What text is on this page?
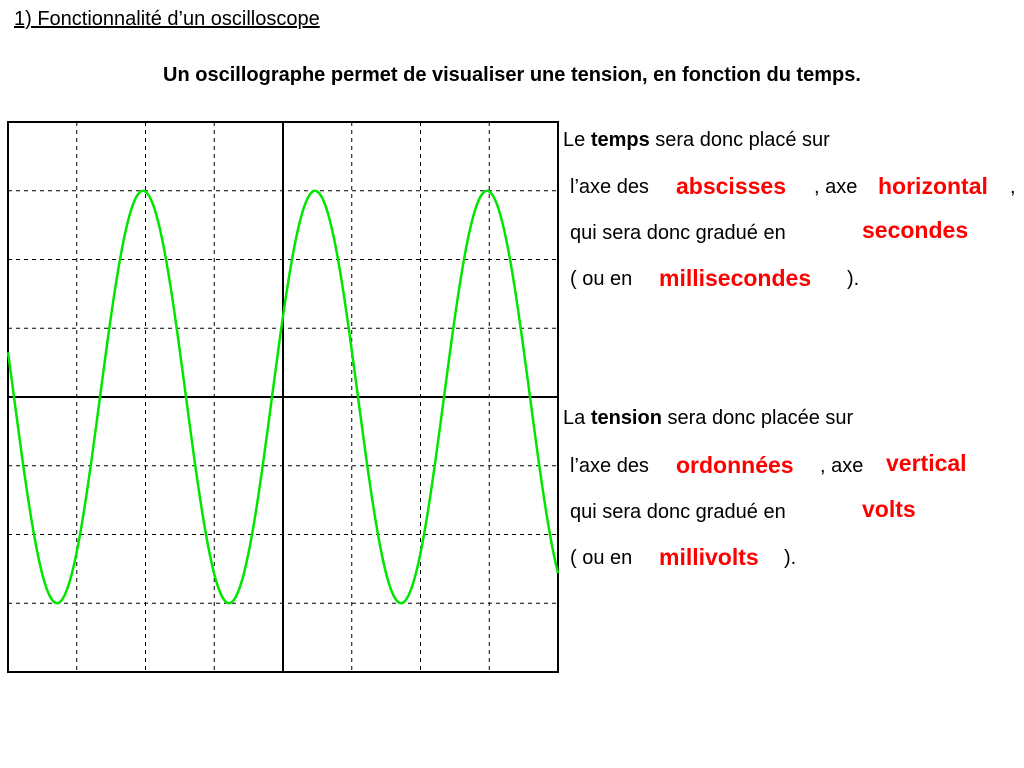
1) Fonctionnalité d’un oscilloscope
Un oscillographe permet de visualiser une tension, en fonction du temps.
Le temps sera donc placé sur
l’axe des abscisses , axe horizontal ,
qui sera donc gradué en	secondes
( ou en millisecondes ).
La tension sera donc placée sur
l’axe des ordonnées , axe vertical
qui sera donc gradué en	volts
( ou en millivolts ).
